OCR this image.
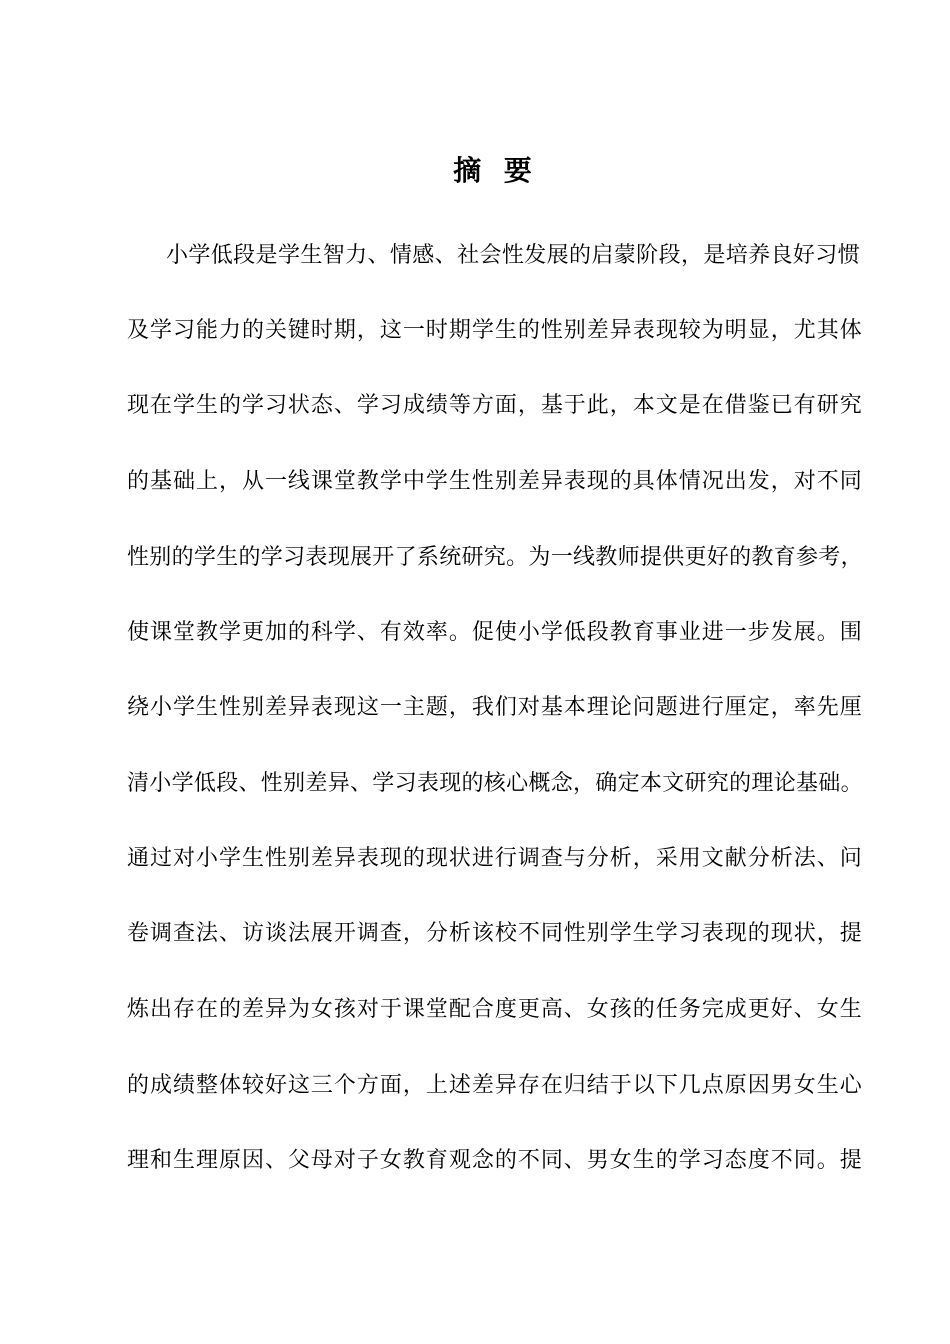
摘  要
小学低段是学生智力、情感、社会性发展的启蒙阶段，是培养良好习惯
及学习能力的关键时期，这一时期学生的性别差异表现较为明显，尤其体
现在学生的学习状态、学习成绩等方面，基于此，本文是在借鉴已有研究
的基础上，从一线课堂教学中学生性别差异表现的具体情况出发，对不同
性别的学生的学习表现展开了系统研究。为一线教师提供更好的教育参考，
使课堂教学更加的科学、有效率。促使小学低段教育事业进一步发展。围
绕小学生性别差异表现这一主题，我们对基本理论问题进行厘定，率先厘
清小学低段、性别差异、学习表现的核心概念，确定本文研究的理论基础。
通过对小学生性别差异表现的现状进行调查与分析，采用文献分析法、问
卷调查法、访谈法展开调查，分析该校不同性别学生学习表现的现状，提
炼出存在的差异为女孩对于课堂配合度更高、女孩的任务完成更好、女生
的成绩整体较好这三个方面，上述差异存在归结于以下几点原因男女生心
理和生理原因、父母对子女教育观念的不同、男女生的学习态度不同。提
